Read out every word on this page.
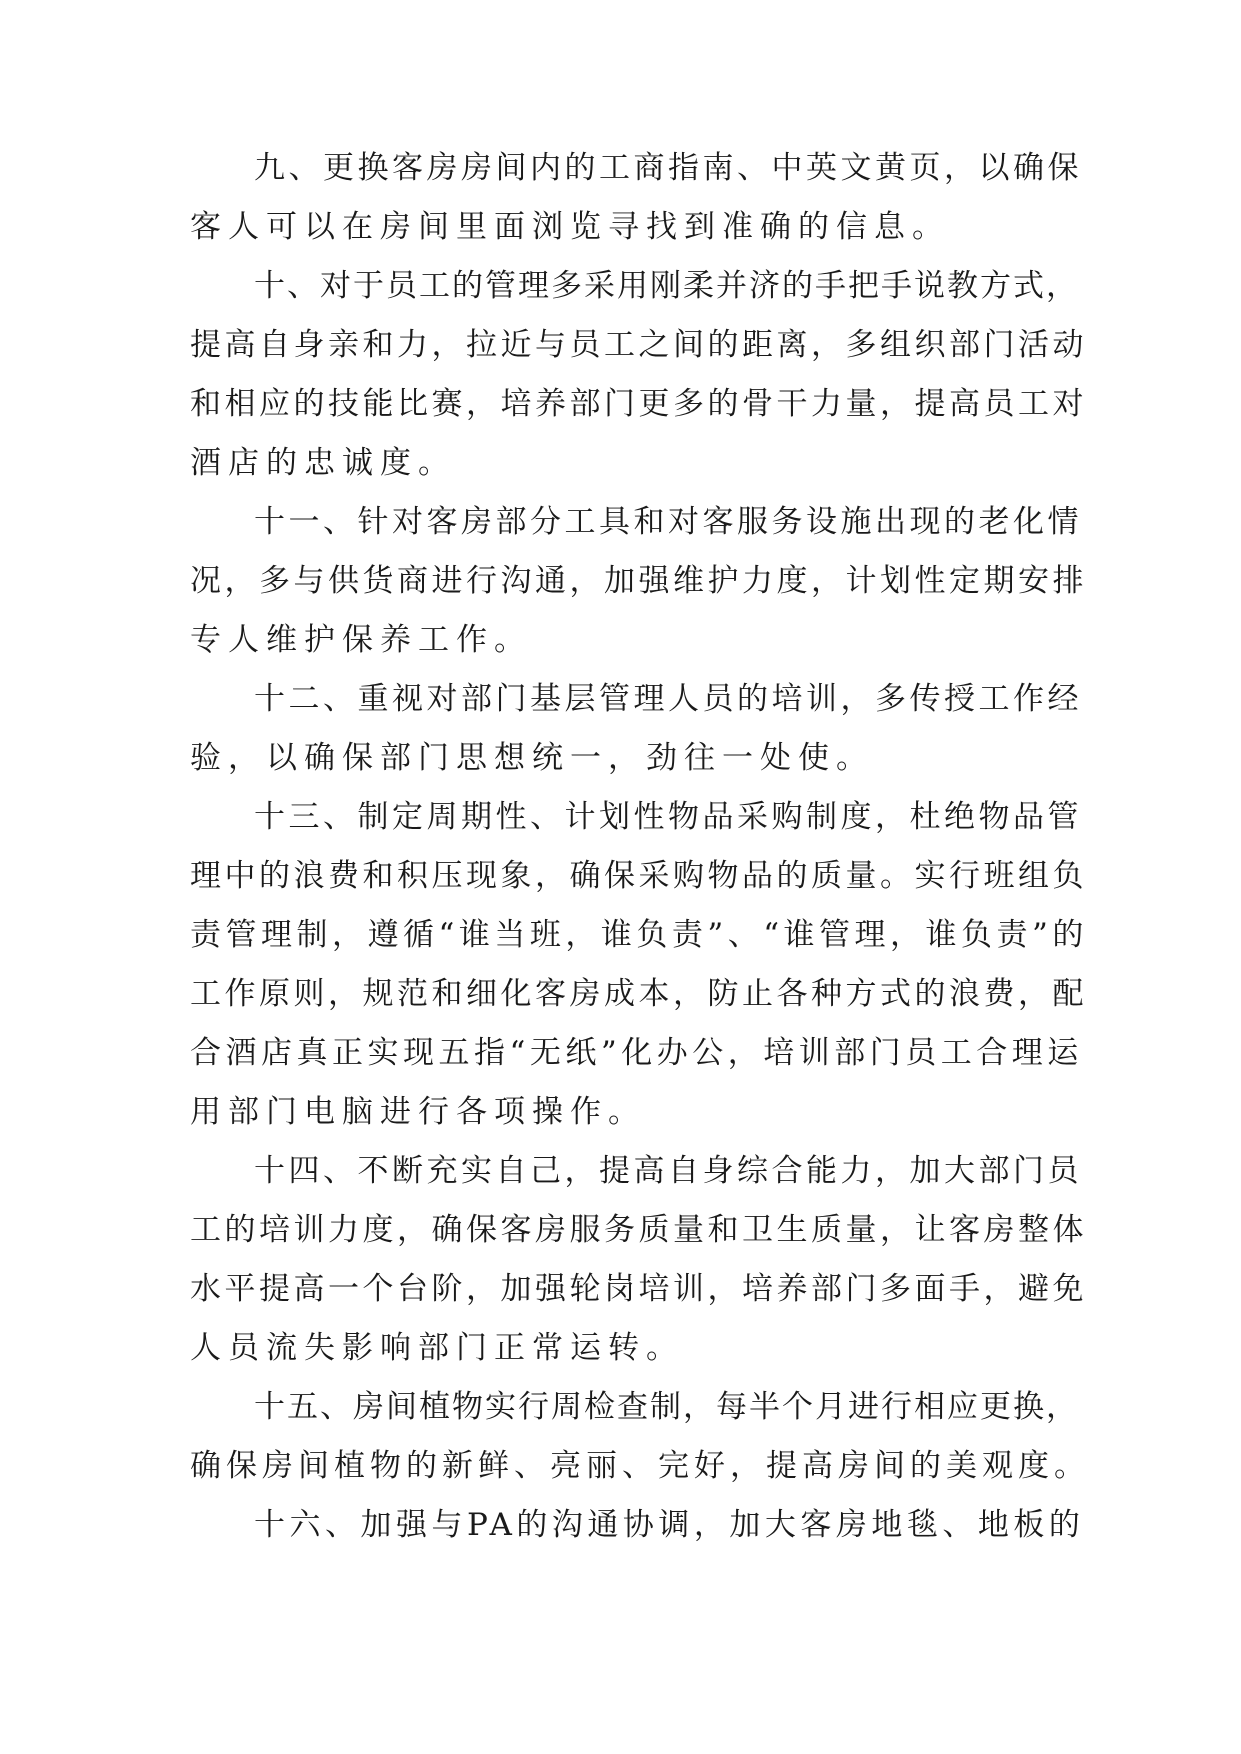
九、更换客房房间内的工商指南、中英文黄页，以确保

客人可以在房间里面浏览寻找到准确的信息。

十、对于员工的管理多采用刚柔并济的手把手说教方式，

提高自身亲和力，拉近与员工之间的距离，多组织部门活动

和相应的技能比赛，培养部门更多的骨干力量，提高员工对

酒店的忠诚度。

十一、针对客房部分工具和对客服务设施出现的老化情

况，多与供货商进行沟通，加强维护力度，计划性定期安排

专人维护保养工作。

十二、重视对部门基层管理人员的培训，多传授工作经

验，以确保部门思想统一，劲往一处使。

十三、制定周期性、计划性物品采购制度，杜绝物品管

理中的浪费和积压现象，确保采购物品的质量。实行班组负

责管理制，遵循“谁当班，谁负责”、“谁管理，谁负责”的

工作原则，规范和细化客房成本，防止各种方式的浪费，配

合酒店真正实现五指“无纸”化办公，培训部门员工合理运

用部门电脑进行各项操作。

十四、不断充实自己，提高自身综合能力，加大部门员

工的培训力度，确保客房服务质量和卫生质量，让客房整体

水平提高一个台阶，加强轮岗培训，培养部门多面手，避免

人员流失影响部门正常运转。

十五、房间植物实行周检查制，每半个月进行相应更换，

确保房间植物的新鲜、亮丽、完好，提高房间的美观度。

十六、加强与PA的沟通协调，加大客房地毯、地板的
